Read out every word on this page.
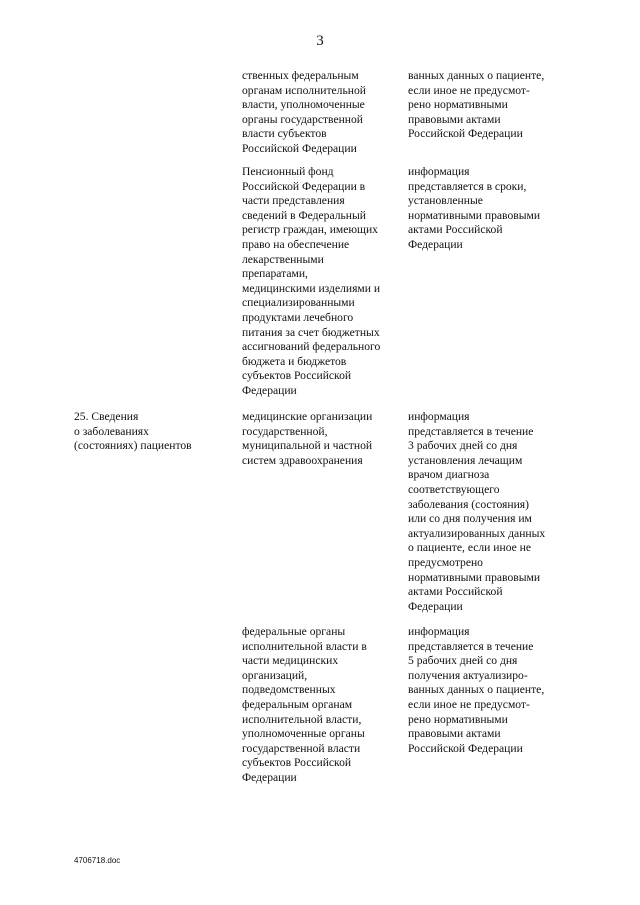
3
ственных федеральным
органам исполнительной
власти, уполномоченные
органы государственной
власти субъектов
Российской Федерации
ванных данных о пациенте,
если иное не предусмот-
рено нормативными
правовыми актами
Российской Федерации
Пенсионный фонд
Российской Федерации в
части представления
сведений в Федеральный
регистр граждан, имеющих
право на обеспечение
лекарственными
препаратами,
медицинскими изделиями и
специализированными
продуктами лечебного
питания за счет бюджетных
ассигнований федерального
бюджета и бюджетов
субъектов Российской
Федерации
информация
представляется в сроки,
установленные
нормативными правовыми
актами Российской
Федерации
25. Сведения
о заболеваниях
(состояниях) пациентов
медицинские организации
государственной,
муниципальной и частной
систем здравоохранения
информация
представляется в течение
3 рабочих дней со дня
установления лечащим
врачом диагноза
соответствующего
заболевания (состояния)
или со дня получения им
актуализированных данных
о пациенте, если иное не
предусмотрено
нормативными правовыми
актами Российской
Федерации
федеральные органы
исполнительной власти в
части медицинских
организаций,
подведомственных
федеральным органам
исполнительной власти,
уполномоченные органы
государственной власти
субъектов Российской
Федерации
информация
представляется в течение
5 рабочих дней со дня
получения актуализиро-
ванных данных о пациенте,
если иное не предусмот-
рено нормативными
правовыми актами
Российской Федерации
4706718.doc
